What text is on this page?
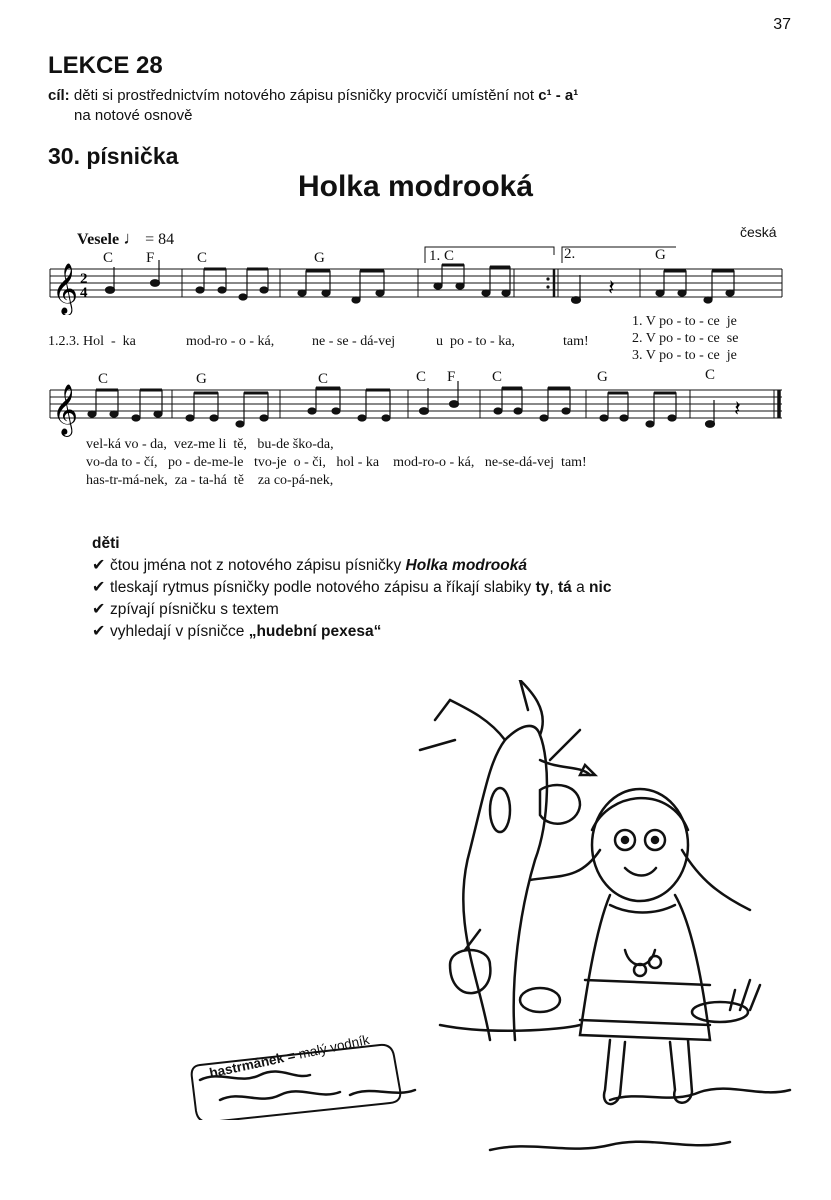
37
LEKCE 28
cíl: děti si prostřednictvím notového zápisu písničky procvičí umístění not c¹ - a¹
na notové osnově
30. písnička
Holka modrooká
česká
Vesele ♩ = 84
𝄞 2
4	𝄽
C F	C	G	1. C	2.	G
1.2.3. Hol  -  ka	mod-ro - o - ká,	ne - se - dá-vej	u  po - to - ka,	tam!
1. V po - to - ce  je
2. V po - to - ce  se
3. V po - to - ce  je
𝄞	𝄽
C	G	C	C F C	G	C
vel-ká vo - da,  vez-me li  tě,   bu-de ško-da,
vo-da to - čí,   po - de-me-le   tvo-je  o - či,   hol - ka    mod-ro-o - ká,   ne-se-dá-vej  tam!
has-tr-má-nek,  za - ta-há  tě    za co-pá-nek,
děti
✔ čtou jména not z notového zápisu písničky Holka modrooká
✔ tleskají rytmus písničky podle notového zápisu a říkají slabiky ty, tá a nic
✔ zpívají písničku s textem
✔ vyhledají v písničce „hudební pexesa“
hastrmánek = malý vodník
